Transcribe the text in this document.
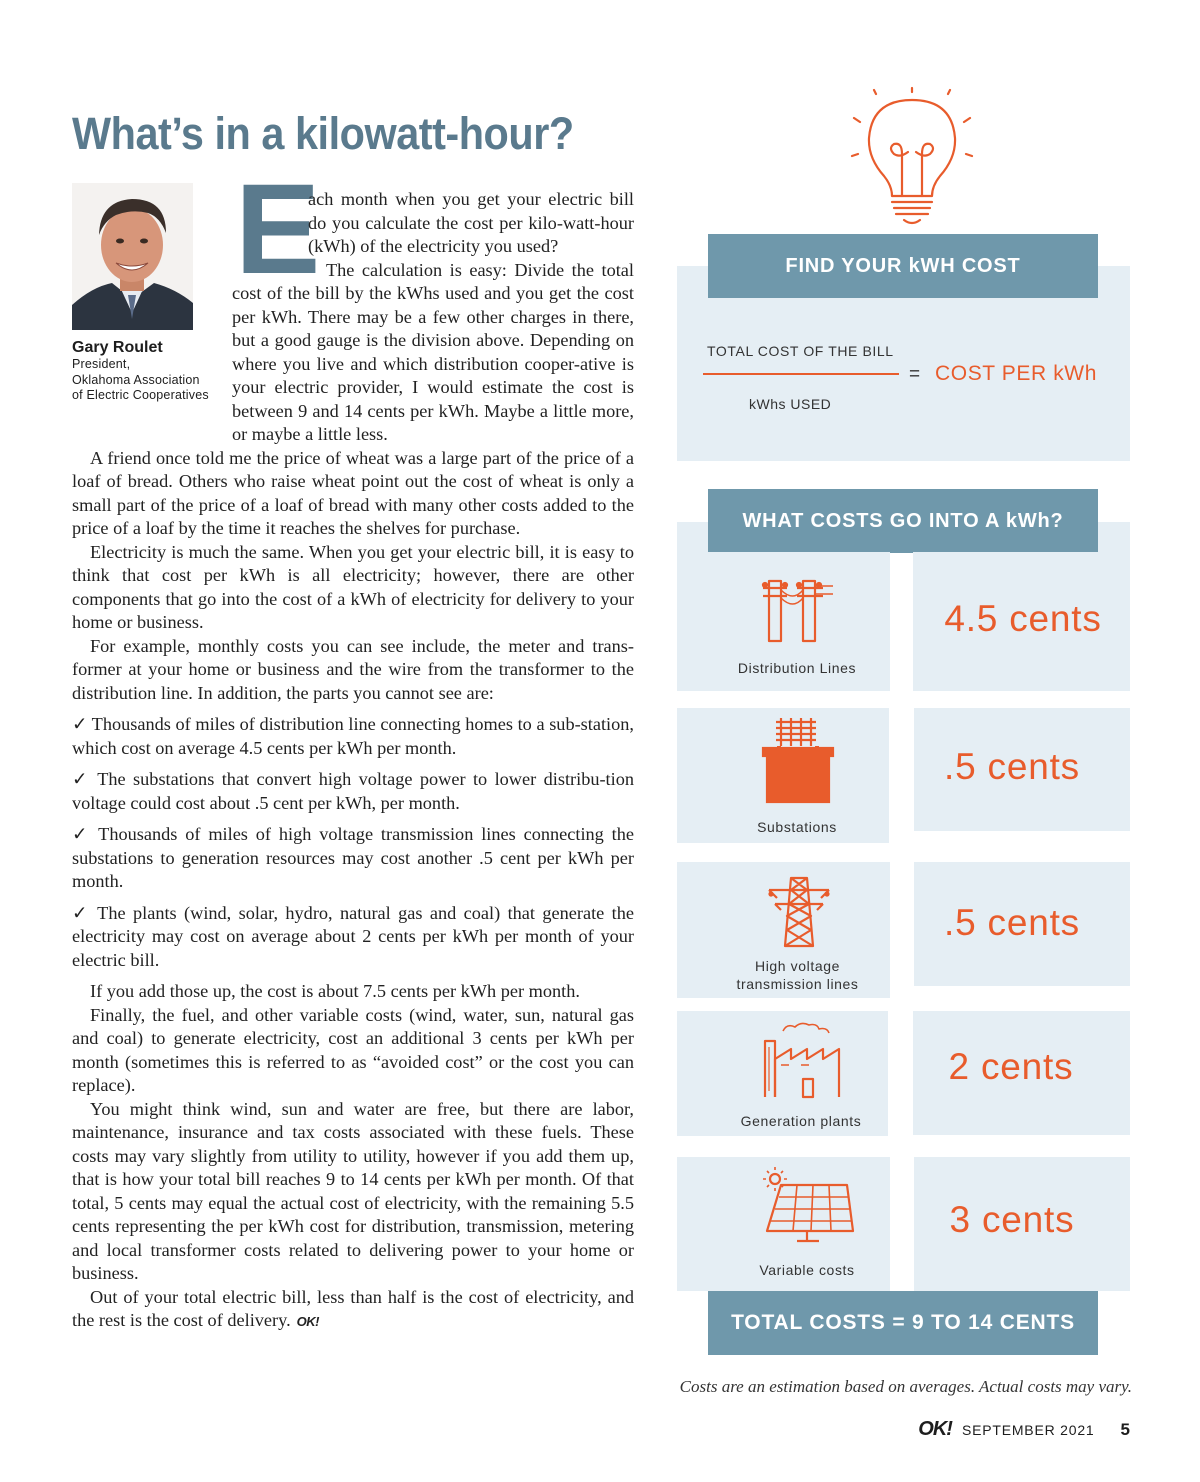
What’s in a kilowatt-hour?
Gary Roulet
President,
Oklahoma Association
of Electric Cooperatives
E

ach month when you get your electric bill do you calculate the cost per kilo-watt-hour (kWh) of the electricity you used?

The calculation is easy: Divide the total cost of the bill by the kWhs used and you get the cost per kWh. There may be a few other charges in there, but a good gauge is the division above. Depending on where you live and which distribution cooper-ative is your electric provider, I would estimate the cost is between 9 and 14 cents per kWh. Maybe a little more, or maybe a little less.

A friend once told me the price of wheat was a large part of the price of a loaf of bread. Others who raise wheat point out the cost of wheat is only a small part of the price of a loaf of bread with many other costs added to the price of a loaf by the time it reaches the shelves for purchase.

Electricity is much the same. When you get your electric bill, it is easy to think that cost per kWh is all electricity; however, there are other components that go into the cost of a kWh of electricity for delivery to your home or business.

For example, monthly costs you can see include, the meter and trans-former at your home or business and the wire from the transformer to the distribution line. In addition, the parts you cannot see are:

✓ Thousands of miles of distribution line connecting homes to a sub-station, which cost on average 4.5 cents per kWh per month.

✓ The substations that convert high voltage power to lower distribu-tion voltage could cost about .5 cent per kWh, per month.

✓ Thousands of miles of high voltage transmission lines connecting the substations to generation resources may cost another .5 cent per kWh per month.

✓ The plants (wind, solar, hydro, natural gas and coal) that generate the electricity may cost on average about 2 cents per kWh per month of your electric bill.

If you add those up, the cost is about 7.5 cents per kWh per month.

Finally, the fuel, and other variable costs (wind, water, sun, natural gas and coal) to generate electricity, cost an additional 3 cents per kWh per month (sometimes this is referred to as “avoided cost” or the cost you can replace).

You might think wind, sun and water are free, but there are labor, maintenance, insurance and tax costs associated with these fuels. These costs may vary slightly from utility to utility, however if you add them up, that is how your total bill reaches 9 to 14 cents per kWh per month. Of that total, 5 cents may equal the actual cost of electricity, with the remaining 5.5 cents representing the per kWh cost for distribution, transmission, metering and local transformer costs related to delivering power to your home or business.

Out of your total electric bill, less than half is the cost of electricity, and the rest is the cost of delivery. OK!

FIND YOUR kWH COST
TOTAL COST OF THE BILL
kWhs USED
= COST PER kWh
WHAT COSTS GO INTO A kWh?
Distribution Lines
4.5 cents
Substations
.5 cents
High voltage
transmission lines
.5 cents
Generation plants
2 cents
Variable costs
3 cents
TOTAL COSTS = 9 TO 14 CENTS
Costs are an estimation based on averages. Actual costs may vary.
OK! SEPTEMBER 2021 5
